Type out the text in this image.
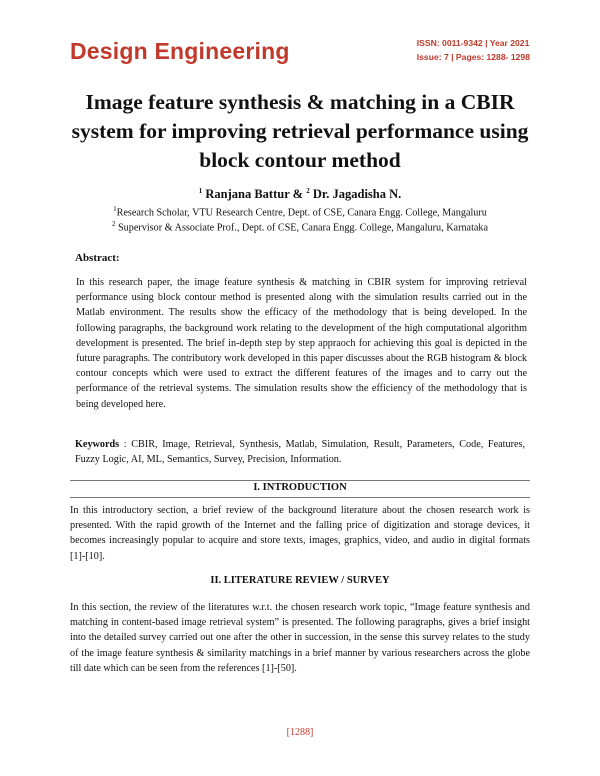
Design Engineering	ISSN: 0011-9342 | Year 2021
Issue: 7 | Pages: 1288- 1298
Image feature synthesis & matching in a CBIR system for improving retrieval performance using block contour method
$^1$ Ranjana Battur & $^2$ Dr. Jagadisha N.
$^1$Research Scholar, VTU Research Centre, Dept. of CSE, Canara Engg. College, Mangaluru
$^2$ Supervisor & Associate Prof., Dept. of CSE, Canara Engg. College, Mangaluru, Karnataka
Abstract:
In this research paper, the image feature synthesis & matching in CBIR system for improving retrieval performance using block contour method is presented along with the simulation results carried out in the Matlab environment. The results show the efficacy of the methodology that is being developed. In the following paragraphs, the background work relating to the development of the high computational algorithm development is presented. The brief in-depth step by step appraoch for achieving this goal is depicted in the future paragraphs. The contributory work developed in this paper discusses about the RGB histogram & block contour concepts which were used to extract the different features of the images and to carry out the performance of the retrieval systems. The simulation results show the efficiency of the methodology that is being developed here.
Keywords : CBIR, Image, Retrieval, Synthesis, Matlab, Simulation, Result, Parameters, Code, Features, Fuzzy Logic, AI, ML, Semantics, Survey, Precision, Information.
I. INTRODUCTION
In this introductory section, a brief review of the background literature about the chosen research work is presented. With the rapid growth of the Internet and the falling price of digitization and storage devices, it becomes increasingly popular to acquire and store texts, images, graphics, video, and audio in digital formats [1]-[10].
II. LITERATURE REVIEW / SURVEY
In this section, the review of the literatures w.r.t. the chosen research work topic, “Image feature synthesis and matching in content-based image retrieval system” is presented. The following paragraphs, gives a brief insight into the detailed survey carried out one after the other in succession, in the sense this survey relates to the study of the image feature synthesis & similarity matchings in a brief manner by various researchers across the globe till date which can be seen from the references [1]-[50].
[1288]
